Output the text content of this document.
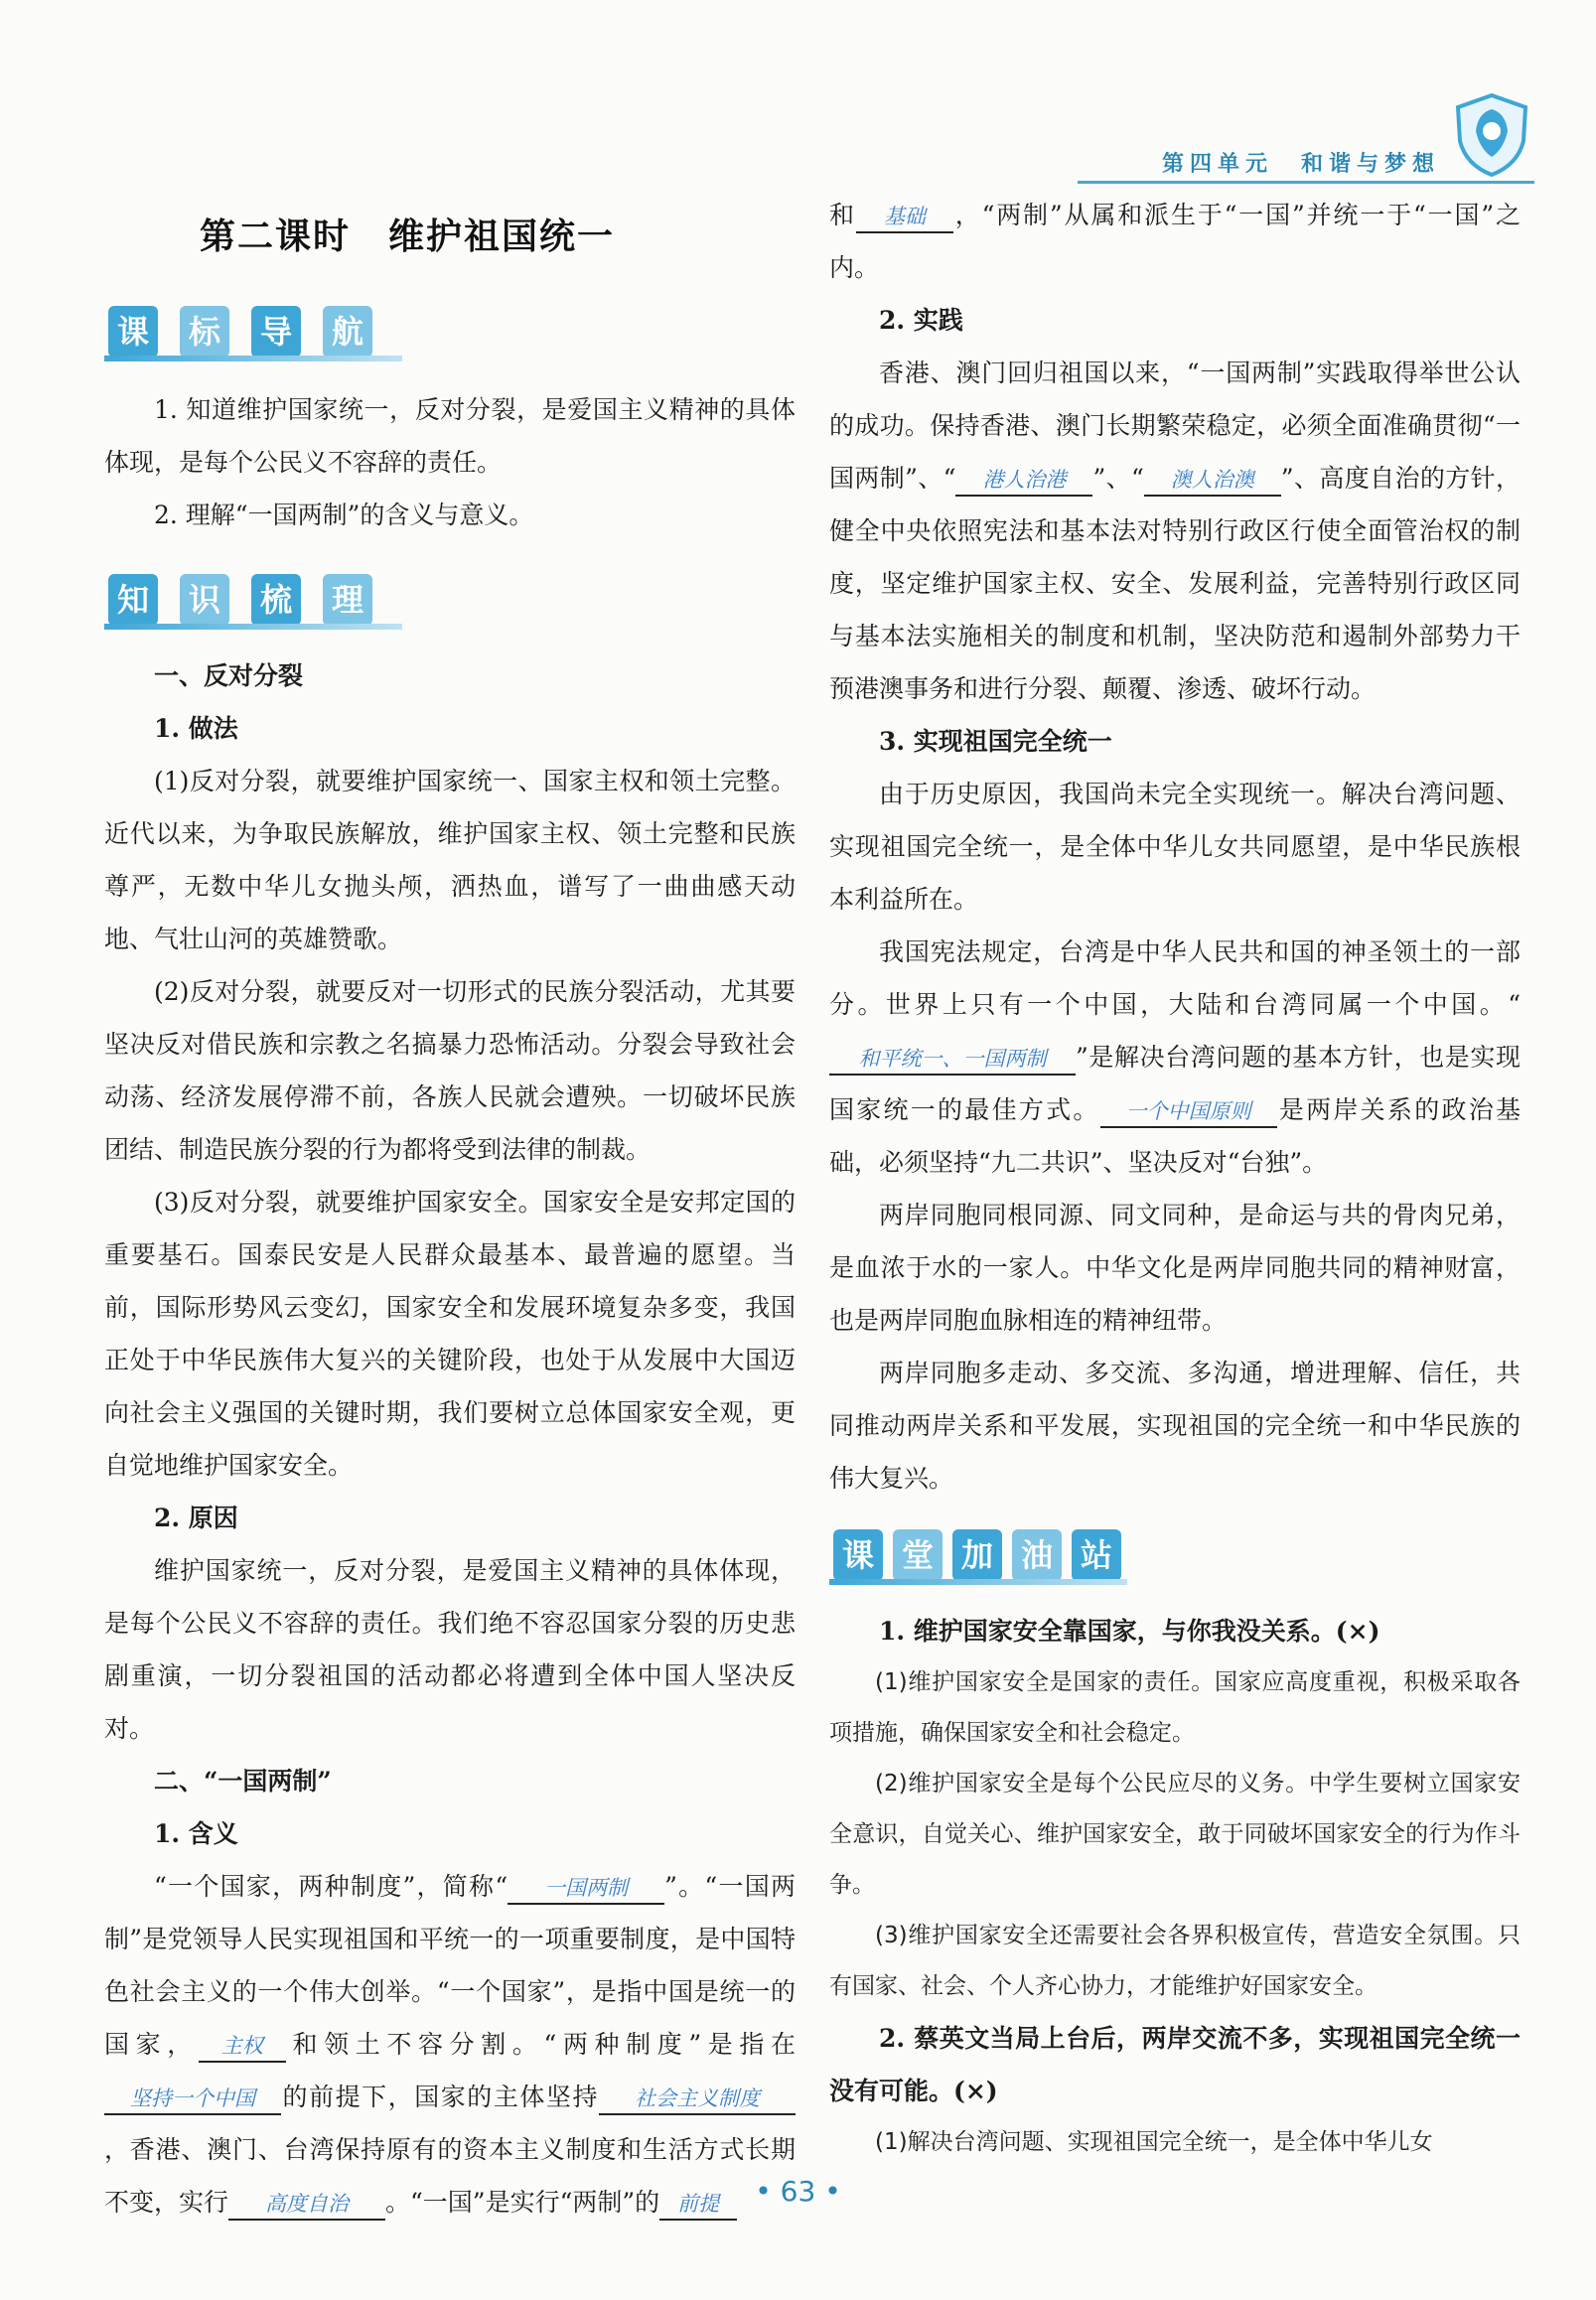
第四单元　和谐与梦想
第二课时　维护祖国统一
课 标 导 航

1. 知道维护国家统一，反对分裂，是爱国主义精神的具体体现，是每个公民义不容辞的责任。

2. 理解“一国两制”的含义与意义。

知 识 梳 理

一、反对分裂

1. 做法

(1)反对分裂，就要维护国家统一、国家主权和领土完整。近代以来，为争取民族解放，维护国家主权、领土完整和民族尊严，无数中华儿女抛头颅，洒热血，谱写了一曲曲感天动地、气壮山河的英雄赞歌。

(2)反对分裂，就要反对一切形式的民族分裂活动，尤其要坚决反对借民族和宗教之名搞暴力恐怖活动。分裂会导致社会动荡、经济发展停滞不前，各族人民就会遭殃。一切破坏民族团结、制造民族分裂的行为都将受到法律的制裁。

(3)反对分裂，就要维护国家安全。国家安全是安邦定国的重要基石。国泰民安是人民群众最基本、最普遍的愿望。当前，国际形势风云变幻，国家安全和发展环境复杂多变，我国正处于中华民族伟大复兴的关键阶段，也处于从发展中大国迈向社会主义强国的关键时期，我们要树立总体国家安全观，更自觉地维护国家安全。

2. 原因

维护国家统一，反对分裂，是爱国主义精神的具体体现，是每个公民义不容辞的责任。我们绝不容忍国家分裂的历史悲剧重演，一切分裂祖国的活动都必将遭到全体中国人坚决反对。

二、“一国两制”

1. 含义

“一个国家，两种制度”，简称“ 一国两制 ”。“一国两制”是党领导人民实现祖国和平统一的一项重要制度，是中国特色社会主义的一个伟大创举。“一个国家”，是指中国是统一的国家， 主权 和领土不容分割。“两种制度”是指在坚持一个中国 的前提下，国家的主体坚持 社会主义制度，香港、澳门、台湾保持原有的资本主义制度和生活方式长期不变，实行 高度自治 。“一国”是实行“两制”的 前提

和 基础 ，“两制”从属和派生于“一国”并统一于“一国”之内。

2. 实践

香港、澳门回归祖国以来，“一国两制”实践取得举世公认的成功。保持香港、澳门长期繁荣稳定，必须全面准确贯彻“一国两制”、“ 港人治港 ”、“ 澳人治澳 ”、高度自治的方针，健全中央依照宪法和基本法对特别行政区行使全面管治权的制度，坚定维护国家主权、安全、发展利益，完善特别行政区同与基本法实施相关的制度和机制，坚决防范和遏制外部势力干预港澳事务和进行分裂、颠覆、渗透、破坏行动。

3. 实现祖国完全统一

由于历史原因，我国尚未完全实现统一。解决台湾问题、实现祖国完全统一，是全体中华儿女共同愿望，是中华民族根本利益所在。

我国宪法规定，台湾是中华人民共和国的神圣领土的一部分。世界上只有一个中国，大陆和台湾同属一个中国。“和平统一、一国两制 ”是解决台湾问题的基本方针，也是实现国家统一的最佳方式。 一个中国原则 是两岸关系的政治基础，必须坚持“九二共识”、坚决反对“台独”。

两岸同胞同根同源、同文同种，是命运与共的骨肉兄弟，是血浓于水的一家人。中华文化是两岸同胞共同的精神财富，也是两岸同胞血脉相连的精神纽带。

两岸同胞多走动、多交流、多沟通，增进理解、信任，共同推动两岸关系和平发展，实现祖国的完全统一和中华民族的伟大复兴。

课 堂 加 油 站

1. 维护国家安全靠国家，与你我没关系。(×)

(1)维护国家安全是国家的责任。国家应高度重视，积极采取各项措施，确保国家安全和社会稳定。

(2)维护国家安全是每个公民应尽的义务。中学生要树立国家安全意识，自觉关心、维护国家安全，敢于同破坏国家安全的行为作斗争。

(3)维护国家安全还需要社会各界积极宣传，营造安全氛围。只有国家、社会、个人齐心协力，才能维护好国家安全。

2. 蔡英文当局上台后，两岸交流不多，实现祖国完全统一没有可能。(×)

(1)解决台湾问题、实现祖国完全统一，是全体中华儿女

• 63 •
